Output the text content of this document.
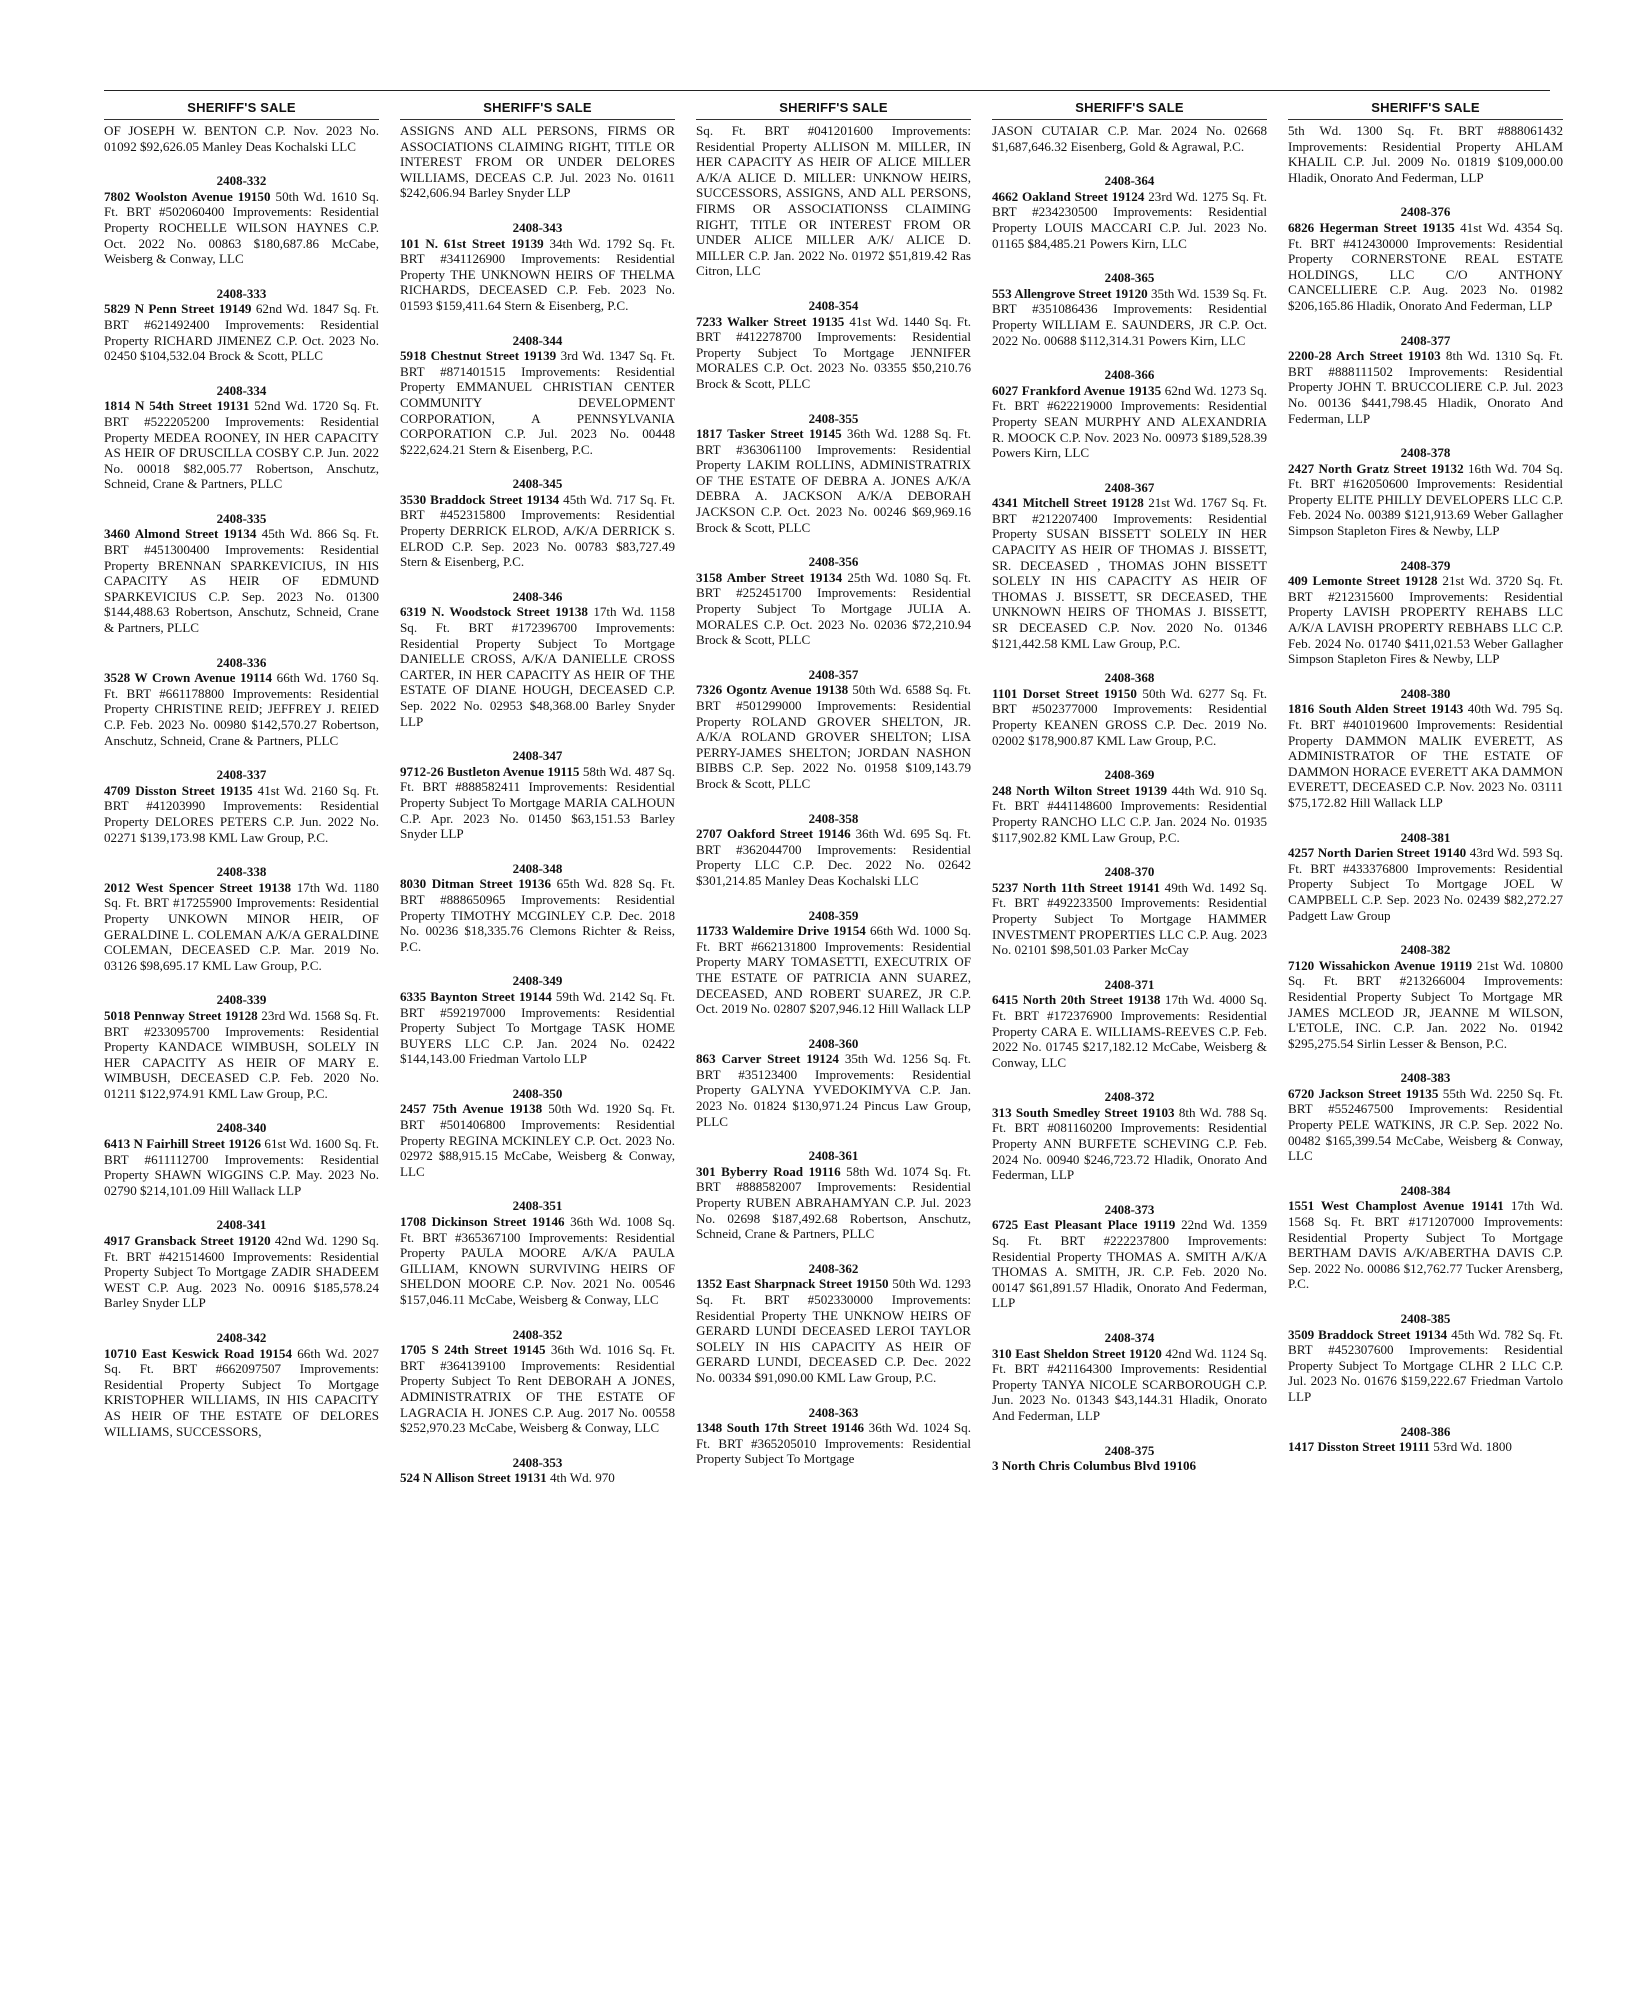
SHERIFF'S SALE

OF JOSEPH W. BENTON C.P. Nov. 2023 No. 01092 $92,626.05 Manley Deas Kochalski LLC

2408-332

7802 Woolston Avenue 19150 50th Wd. 1610 Sq. Ft. BRT #502060400 Improvements: Residential Property ROCHELLE WILSON HAYNES C.P. Oct. 2022 No. 00863 $180,687.86 McCabe, Weisberg & Conway, LLC

2408-333

5829 N Penn Street 19149 62nd Wd. 1847 Sq. Ft. BRT #621492400 Improvements: Residential Property RICHARD JIMENEZ C.P. Oct. 2023 No. 02450 $104,532.04 Brock & Scott, PLLC

2408-334

1814 N 54th Street 19131 52nd Wd. 1720 Sq. Ft. BRT #522205200 Improvements: Residential Property MEDEA ROONEY, IN HER CAPACITY AS HEIR OF DRUSCILLA COSBY C.P. Jun. 2022 No. 00018 $82,005.77 Robertson, Anschutz, Schneid, Crane & Partners, PLLC

2408-335

3460 Almond Street 19134 45th Wd. 866 Sq. Ft. BRT #451300400 Improvements: Residential Property BRENNAN SPARKEVICIUS, IN HIS CAPACITY AS HEIR OF EDMUND SPARKEVICIUS C.P. Sep. 2023 No. 01300 $144,488.63 Robertson, Anschutz, Schneid, Crane & Partners, PLLC

2408-336

3528 W Crown Avenue 19114 66th Wd. 1760 Sq. Ft. BRT #661178800 Improvements: Residential Property CHRISTINE REID; JEFFREY J. REIED C.P. Feb. 2023 No. 00980 $142,570.27 Robertson, Anschutz, Schneid, Crane & Partners, PLLC

2408-337

4709 Disston Street 19135 41st Wd. 2160 Sq. Ft. BRT #41203990 Improvements: Residential Property DELORES PETERS C.P. Jun. 2022 No. 02271 $139,173.98 KML Law Group, P.C.

2408-338

2012 West Spencer Street 19138 17th Wd. 1180 Sq. Ft. BRT #17255900 Improvements: Residential Property UNKOWN MINOR HEIR, OF GERALDINE L. COLEMAN A/K/A GERALDINE COLEMAN, DECEASED C.P. Mar. 2019 No. 03126 $98,695.17 KML Law Group, P.C.

2408-339

5018 Pennway Street 19128 23rd Wd. 1568 Sq. Ft. BRT #233095700 Improvements: Residential Property KANDACE WIMBUSH, SOLELY IN HER CAPACITY AS HEIR OF MARY E. WIMBUSH, DECEASED C.P. Feb. 2020 No. 01211 $122,974.91 KML Law Group, P.C.

2408-340

6413 N Fairhill Street 19126 61st Wd. 1600 Sq. Ft. BRT #611112700 Improvements: Residential Property SHAWN WIGGINS C.P. May. 2023 No. 02790 $214,101.09 Hill Wallack LLP

2408-341

4917 Gransback Street 19120 42nd Wd. 1290 Sq. Ft. BRT #421514600 Improvements: Residential Property Subject To Mortgage ZADIR SHADEEM WEST C.P. Aug. 2023 No. 00916 $185,578.24 Barley Snyder LLP

2408-342

10710 East Keswick Road 19154 66th Wd. 2027 Sq. Ft. BRT #662097507 Improvements: Residential Property Subject To Mortgage KRISTOPHER WILLIAMS, IN HIS CAPACITY AS HEIR OF THE ESTATE OF DELORES WILLIAMS, SUCCESSORS,

SHERIFF'S SALE

ASSIGNS AND ALL PERSONS, FIRMS OR ASSOCIATIONS CLAIMING RIGHT, TITLE OR INTEREST FROM OR UNDER DELORES WILLIAMS, DECEAS C.P. Jul. 2023 No. 01611 $242,606.94 Barley Snyder LLP

2408-343

101 N. 61st Street 19139 34th Wd. 1792 Sq. Ft. BRT #341126900 Improvements: Residential Property THE UNKNOWN HEIRS OF THELMA RICHARDS, DECEASED C.P. Feb. 2023 No. 01593 $159,411.64 Stern & Eisenberg, P.C.

2408-344

5918 Chestnut Street 19139 3rd Wd. 1347 Sq. Ft. BRT #871401515 Improvements: Residential Property EMMANUEL CHRISTIAN CENTER COMMUNITY DEVELOPMENT CORPORATION, A PENNSYLVANIA CORPORATION C.P. Jul. 2023 No. 00448 $222,624.21 Stern & Eisenberg, P.C.

2408-345

3530 Braddock Street 19134 45th Wd. 717 Sq. Ft. BRT #452315800 Improvements: Residential Property DERRICK ELROD, A/K/A DERRICK S. ELROD C.P. Sep. 2023 No. 00783 $83,727.49 Stern & Eisenberg, P.C.

2408-346

6319 N. Woodstock Street 19138 17th Wd. 1158 Sq. Ft. BRT #172396700 Improvements: Residential Property Subject To Mortgage DANIELLE CROSS, A/K/A DANIELLE CROSS CARTER, IN HER CAPACITY AS HEIR OF THE ESTATE OF DIANE HOUGH, DECEASED C.P. Sep. 2022 No. 02953 $48,368.00 Barley Snyder LLP

2408-347

9712-26 Bustleton Avenue 19115 58th Wd. 487 Sq. Ft. BRT #888582411 Improvements: Residential Property Subject To Mortgage MARIA CALHOUN C.P. Apr. 2023 No. 01450 $63,151.53 Barley Snyder LLP

2408-348

8030 Ditman Street 19136 65th Wd. 828 Sq. Ft. BRT #888650965 Improvements: Residential Property TIMOTHY MCGINLEY C.P. Dec. 2018 No. 00236 $18,335.76 Clemons Richter & Reiss, P.C.

2408-349

6335 Baynton Street 19144 59th Wd. 2142 Sq. Ft. BRT #592197000 Improvements: Residential Property Subject To Mortgage TASK HOME BUYERS LLC C.P. Jan. 2024 No. 02422 $144,143.00 Friedman Vartolo LLP

2408-350

2457 75th Avenue 19138 50th Wd. 1920 Sq. Ft. BRT #501406800 Improvements: Residential Property REGINA MCKINLEY C.P. Oct. 2023 No. 02972 $88,915.15 McCabe, Weisberg & Conway, LLC

2408-351

1708 Dickinson Street 19146 36th Wd. 1008 Sq. Ft. BRT #365367100 Improvements: Residential Property PAULA MOORE A/K/A PAULA GILLIAM, KNOWN SURVIVING HEIRS OF SHELDON MOORE C.P. Nov. 2021 No. 00546 $157,046.11 McCabe, Weisberg & Conway, LLC

2408-352

1705 S 24th Street 19145 36th Wd. 1016 Sq. Ft. BRT #364139100 Improvements: Residential Property Subject To Rent DEBORAH A JONES, ADMINISTRATRIX OF THE ESTATE OF LAGRACIA H. JONES C.P. Aug. 2017 No. 00558 $252,970.23 McCabe, Weisberg & Conway, LLC

2408-353

524 N Allison Street 19131 4th Wd. 970

SHERIFF'S SALE

Sq. Ft. BRT #041201600 Improvements: Residential Property ALLISON M. MILLER, IN HER CAPACITY AS HEIR OF ALICE MILLER A/K/A ALICE D. MILLER: UNKNOW HEIRS, SUCCESSORS, ASSIGNS, AND ALL PERSONS, FIRMS OR ASSOCIATIONSS CLAIMING RIGHT, TITLE OR INTEREST FROM OR UNDER ALICE MILLER A/K/ ALICE D. MILLER C.P. Jan. 2022 No. 01972 $51,819.42 Ras Citron, LLC

2408-354

7233 Walker Street 19135 41st Wd. 1440 Sq. Ft. BRT #412278700 Improvements: Residential Property Subject To Mortgage JENNIFER MORALES C.P. Oct. 2023 No. 03355 $50,210.76 Brock & Scott, PLLC

2408-355

1817 Tasker Street 19145 36th Wd. 1288 Sq. Ft. BRT #363061100 Improvements: Residential Property LAKIM ROLLINS, ADMINISTRATRIX OF THE ESTATE OF DEBRA A. JONES A/K/A DEBRA A. JACKSON A/K/A DEBORAH JACKSON C.P. Oct. 2023 No. 00246 $69,969.16 Brock & Scott, PLLC

2408-356

3158 Amber Street 19134 25th Wd. 1080 Sq. Ft. BRT #252451700 Improvements: Residential Property Subject To Mortgage JULIA A. MORALES C.P. Oct. 2023 No. 02036 $72,210.94 Brock & Scott, PLLC

2408-357

7326 Ogontz Avenue 19138 50th Wd. 6588 Sq. Ft. BRT #501299000 Improvements: Residential Property ROLAND GROVER SHELTON, JR. A/K/A ROLAND GROVER SHELTON; LISA PERRY-JAMES SHELTON; JORDAN NASHON BIBBS C.P. Sep. 2022 No. 01958 $109,143.79 Brock & Scott, PLLC

2408-358

2707 Oakford Street 19146 36th Wd. 695 Sq. Ft. BRT #362044700 Improvements: Residential Property LLC C.P. Dec. 2022 No. 02642 $301,214.85 Manley Deas Kochalski LLC

2408-359

11733 Waldemire Drive 19154 66th Wd. 1000 Sq. Ft. BRT #662131800 Improvements: Residential Property MARY TOMASETTI, EXECUTRIX OF THE ESTATE OF PATRICIA ANN SUAREZ, DECEASED, AND ROBERT SUAREZ, JR C.P. Oct. 2019 No. 02807 $207,946.12 Hill Wallack LLP

2408-360

863 Carver Street 19124 35th Wd. 1256 Sq. Ft. BRT #35123400 Improvements: Residential Property GALYNA YVEDOKIMYVA C.P. Jan. 2023 No. 01824 $130,971.24 Pincus Law Group, PLLC

2408-361

301 Byberry Road 19116 58th Wd. 1074 Sq. Ft. BRT #888582007 Improvements: Residential Property RUBEN ABRAHAMYAN C.P. Jul. 2023 No. 02698 $187,492.68 Robertson, Anschutz, Schneid, Crane & Partners, PLLC

2408-362

1352 East Sharpnack Street 19150 50th Wd. 1293 Sq. Ft. BRT #502330000 Improvements: Residential Property THE UNKNOW HEIRS OF GERARD LUNDI DECEASED LEROI TAYLOR SOLELY IN HIS CAPACITY AS HEIR OF GERARD LUNDI, DECEASED C.P. Dec. 2022 No. 00334 $91,090.00 KML Law Group, P.C.

2408-363

1348 South 17th Street 19146 36th Wd. 1024 Sq. Ft. BRT #365205010 Improvements: Residential Property Subject To Mortgage

SHERIFF'S SALE

JASON CUTAIAR C.P. Mar. 2024 No. 02668 $1,687,646.32 Eisenberg, Gold & Agrawal, P.C.

2408-364

4662 Oakland Street 19124 23rd Wd. 1275 Sq. Ft. BRT #234230500 Improvements: Residential Property LOUIS MACCARI C.P. Jul. 2023 No. 01165 $84,485.21 Powers Kirn, LLC

2408-365

553 Allengrove Street 19120 35th Wd. 1539 Sq. Ft. BRT #351086436 Improvements: Residential Property WILLIAM E. SAUNDERS, JR C.P. Oct. 2022 No. 00688 $112,314.31 Powers Kirn, LLC

2408-366

6027 Frankford Avenue 19135 62nd Wd. 1273 Sq. Ft. BRT #622219000 Improvements: Residential Property SEAN MURPHY AND ALEXANDRIA R. MOOCK C.P. Nov. 2023 No. 00973 $189,528.39 Powers Kirn, LLC

2408-367

4341 Mitchell Street 19128 21st Wd. 1767 Sq. Ft. BRT #212207400 Improvements: Residential Property SUSAN BISSETT SOLELY IN HER CAPACITY AS HEIR OF THOMAS J. BISSETT, SR. DECEASED , THOMAS JOHN BISSETT SOLELY IN HIS CAPACITY AS HEIR OF THOMAS J. BISSETT, SR DECEASED, THE UNKNOWN HEIRS OF THOMAS J. BISSETT, SR DECEASED C.P. Nov. 2020 No. 01346 $121,442.58 KML Law Group, P.C.

2408-368

1101 Dorset Street 19150 50th Wd. 6277 Sq. Ft. BRT #502377000 Improvements: Residential Property KEANEN GROSS C.P. Dec. 2019 No. 02002 $178,900.87 KML Law Group, P.C.

2408-369

248 North Wilton Street 19139 44th Wd. 910 Sq. Ft. BRT #441148600 Improvements: Residential Property RANCHO LLC C.P. Jan. 2024 No. 01935 $117,902.82 KML Law Group, P.C.

2408-370

5237 North 11th Street 19141 49th Wd. 1492 Sq. Ft. BRT #492233500 Improvements: Residential Property Subject To Mortgage HAMMER INVESTMENT PROPERTIES LLC C.P. Aug. 2023 No. 02101 $98,501.03 Parker McCay

2408-371

6415 North 20th Street 19138 17th Wd. 4000 Sq. Ft. BRT #172376900 Improvements: Residential Property CARA E. WILLIAMS-REEVES C.P. Feb. 2022 No. 01745 $217,182.12 McCabe, Weisberg & Conway, LLC

2408-372

313 South Smedley Street 19103 8th Wd. 788 Sq. Ft. BRT #081160200 Improvements: Residential Property ANN BURFETE SCHEVING C.P. Feb. 2024 No. 00940 $246,723.72 Hladik, Onorato And Federman, LLP

2408-373

6725 East Pleasant Place 19119 22nd Wd. 1359 Sq. Ft. BRT #222237800 Improvements: Residential Property THOMAS A. SMITH A/K/A THOMAS A. SMITH, JR. C.P. Feb. 2020 No. 00147 $61,891.57 Hladik, Onorato And Federman, LLP

2408-374

310 East Sheldon Street 19120 42nd Wd. 1124 Sq. Ft. BRT #421164300 Improvements: Residential Property TANYA NICOLE SCARBOROUGH C.P. Jun. 2023 No. 01343 $43,144.31 Hladik, Onorato And Federman, LLP

2408-375

3 North Chris Columbus Blvd 19106

SHERIFF'S SALE

5th Wd. 1300 Sq. Ft. BRT #888061432 Improvements: Residential Property AHLAM KHALIL C.P. Jul. 2009 No. 01819 $109,000.00 Hladik, Onorato And Federman, LLP

2408-376

6826 Hegerman Street 19135 41st Wd. 4354 Sq. Ft. BRT #412430000 Improvements: Residential Property CORNERSTONE REAL ESTATE HOLDINGS, LLC C/O ANTHONY CANCELLIERE C.P. Aug. 2023 No. 01982 $206,165.86 Hladik, Onorato And Federman, LLP

2408-377

2200-28 Arch Street 19103 8th Wd. 1310 Sq. Ft. BRT #888111502 Improvements: Residential Property JOHN T. BRUCCOLIERE C.P. Jul. 2023 No. 00136 $441,798.45 Hladik, Onorato And Federman, LLP

2408-378

2427 North Gratz Street 19132 16th Wd. 704 Sq. Ft. BRT #162050600 Improvements: Residential Property ELITE PHILLY DEVELOPERS LLC C.P. Feb. 2024 No. 00389 $121,913.69 Weber Gallagher Simpson Stapleton Fires & Newby, LLP

2408-379

409 Lemonte Street 19128 21st Wd. 3720 Sq. Ft. BRT #212315600 Improvements: Residential Property LAVISH PROPERTY REHABS LLC A/K/A LAVISH PROPERTY REBHABS LLC C.P. Feb. 2024 No. 01740 $411,021.53 Weber Gallagher Simpson Stapleton Fires & Newby, LLP

2408-380

1816 South Alden Street 19143 40th Wd. 795 Sq. Ft. BRT #401019600 Improvements: Residential Property DAMMON MALIK EVERETT, AS ADMINISTRATOR OF THE ESTATE OF DAMMON HORACE EVERETT AKA DAMMON EVERETT, DECEASED C.P. Nov. 2023 No. 03111 $75,172.82 Hill Wallack LLP

2408-381

4257 North Darien Street 19140 43rd Wd. 593 Sq. Ft. BRT #433376800 Improvements: Residential Property Subject To Mortgage JOEL W CAMPBELL C.P. Sep. 2023 No. 02439 $82,272.27 Padgett Law Group

2408-382

7120 Wissahickon Avenue 19119 21st Wd. 10800 Sq. Ft. BRT #213266004 Improvements: Residential Property Subject To Mortgage MR JAMES MCLEOD JR, JEANNE M WILSON, L'ETOLE, INC. C.P. Jan. 2022 No. 01942 $295,275.54 Sirlin Lesser & Benson, P.C.

2408-383

6720 Jackson Street 19135 55th Wd. 2250 Sq. Ft. BRT #552467500 Improvements: Residential Property PELE WATKINS, JR C.P. Sep. 2022 No. 00482 $165,399.54 McCabe, Weisberg & Conway, LLC

2408-384

1551 West Champlost Avenue 19141 17th Wd. 1568 Sq. Ft. BRT #171207000 Improvements: Residential Property Subject To Mortgage BERTHAM DAVIS A/K/ABERTHA DAVIS C.P. Sep. 2022 No. 00086 $12,762.77 Tucker Arensberg, P.C.

2408-385

3509 Braddock Street 19134 45th Wd. 782 Sq. Ft. BRT #452307600 Improvements: Residential Property Subject To Mortgage CLHR 2 LLC C.P. Jul. 2023 No. 01676 $159,222.67 Friedman Vartolo LLP

2408-386

1417 Disston Street 19111 53rd Wd. 1800
